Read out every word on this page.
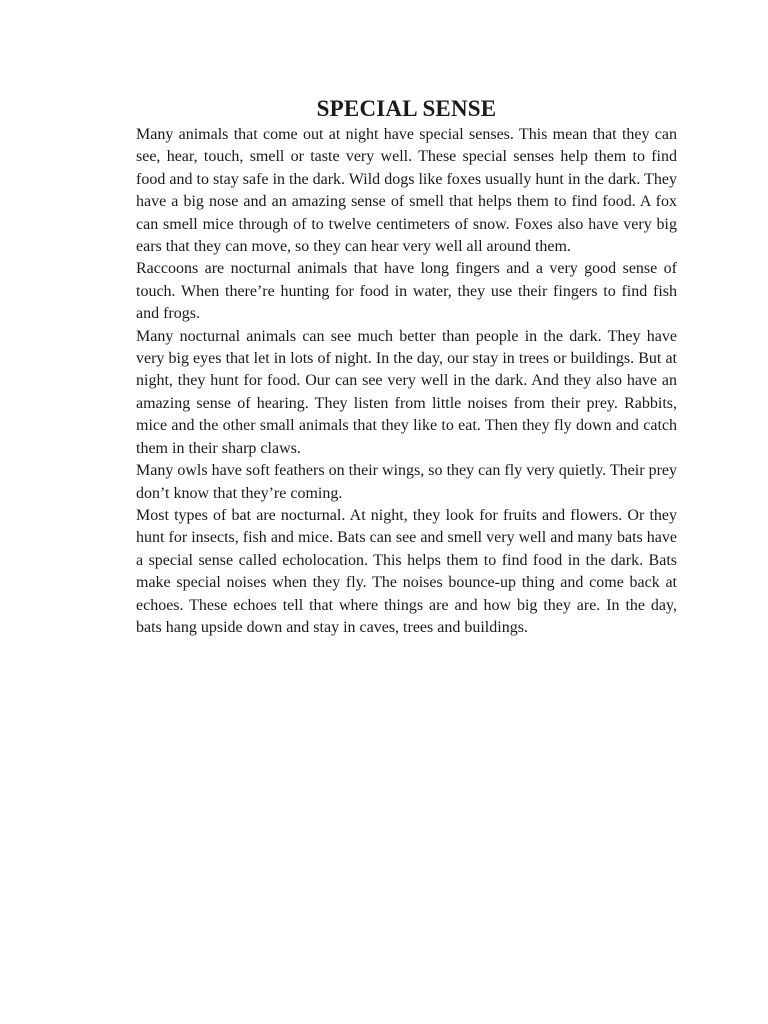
SPECIAL SENSE

Many animals that come out at night have special senses. This mean that they can see, hear, touch, smell or taste very well. These special senses help them to find food and to stay safe in the dark. Wild dogs like foxes usually hunt in the dark. They have a big nose and an amazing sense of smell that helps them to find food. A fox can smell mice through of to twelve centimeters of snow. Foxes also have very big ears that they can move, so they can hear very well all around them.

Raccoons are nocturnal animals that have long fingers and a very good sense of touch. When there’re hunting for food in water, they use their fingers to find fish and frogs.

Many nocturnal animals can see much better than people in the dark. They have very big eyes that let in lots of night. In the day, our stay in trees or buildings. But at night, they hunt for food. Our can see very well in the dark. And they also have an amazing sense of hearing. They listen from little noises from their prey. Rabbits, mice and the other small animals that they like to eat. Then they fly down and catch them in their sharp claws.

Many owls have soft feathers on their wings, so they can fly very quietly. Their prey don’t know that they’re coming.

Most types of bat are nocturnal. At night, they look for fruits and flowers. Or they hunt for insects, fish and mice. Bats can see and smell very well and many bats have a special sense called echolocation. This helps them to find food in the dark. Bats make special noises when they fly. The noises bounce-up thing and come back at echoes. These echoes tell that where things are and how big they are. In the day, bats hang upside down and stay in caves, trees and buildings.
